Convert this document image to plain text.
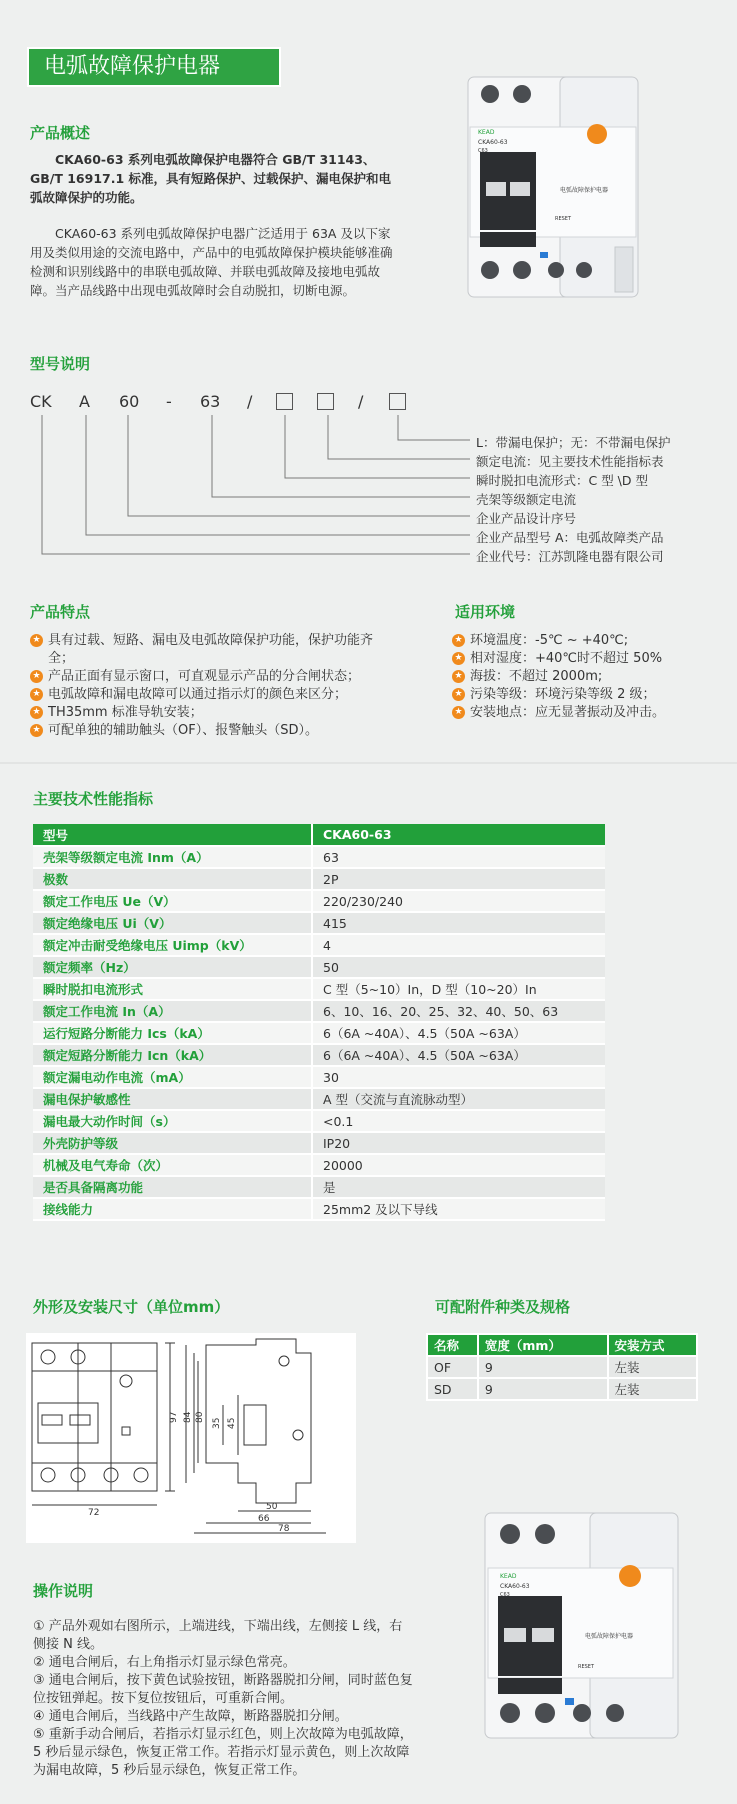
电弧故障保护电器
产品概述
CKA60-63 系列电弧故障保护电器符合 GB/T 31143、GB/T 16917.1 标准，具有短路保护、过载保护、漏电保护和电弧故障保护的功能。
CKA60-63 系列电弧故障保护电器广泛适用于 63A 及以下家用及类似用途的交流电路中，产品中的电弧故障保护模块能够准确检测和识别线路中的串联电弧故障、并联电弧故障及接地电弧故障。当产品线路中出现电弧故障时会自动脱扣，切断电源。
KEAD
CKA60-63
C63
电弧故障保护电器
RESET
型号说明
CK A 60 - 63 /	/
L：带漏电保护；无：不带漏电保护
额定电流：见主要技术性能指标表
瞬时脱扣电流形式：C 型 \D 型
壳架等级额定电流
企业产品设计序号
企业产品型号 A：电弧故障类产品
企业代号：江苏凯隆电器有限公司
产品特点
★ 具有过载、短路、漏电及电弧故障保护功能，保护功能齐全；
★ 产品正面有显示窗口，可直观显示产品的分合闸状态；
★ 电弧故障和漏电故障可以通过指示灯的颜色来区分；
★ TH35mm 标准导轨安装；
★ 可配单独的辅助触头（OF）、报警触头（SD）。
适用环境
★ 环境温度：-5℃ ~ +40℃;
★ 相对湿度：+40℃时不超过 50%
★ 海拔：不超过 2000m;
★ 污染等级：环境污染等级 2 级；
★ 安装地点：应无显著振动及冲击。
主要技术性能指标
型号	CKA60-63
壳架等级额定电流 Inm（A）	63
极数	2P
额定工作电压 Ue（V）	220/230/240
额定绝缘电压 Ui（V）	415
额定冲击耐受绝缘电压 Uimp（kV）	4
额定频率（Hz）	50
瞬时脱扣电流形式	C 型（5~10）In，D 型（10~20）In
额定工作电流 In（A）	6、10、16、20、25、32、40、50、63
运行短路分断能力 Ics（kA）	6（6A ~40A）、4.5（50A ~63A）
额定短路分断能力 Icn（kA）	6（6A ~40A）、4.5（50A ~63A）
额定漏电动作电流（mA）	30
漏电保护敏感性	A 型（交流与直流脉动型）
漏电最大动作时间（s）	<0.1
外壳防护等级	IP20
机械及电气寿命（次）	20000
是否具备隔离功能	是
接线能力	25mm2 及以下导线
外形及安装尺寸（单位mm）
97 84 80
35 45
72
50
66
78
可配附件种类及规格
名称	宽度（mm）	安装方式
OF	9	左装
SD	9	左装
KEAD
CKA60-63
C63
电弧故障保护电器
RESET
操作说明
① 产品外观如右图所示，上端进线，下端出线，左侧接 L 线，右侧接 N 线。
② 通电合闸后，右上角指示灯显示绿色常亮。
③ 通电合闸后，按下黄色试验按钮，断路器脱扣分闸，同时蓝色复位按钮弹起。按下复位按钮后，可重新合闸。
④ 通电合闸后，当线路中产生故障，断路器脱扣分闸。
⑤ 重新手动合闸后，若指示灯显示红色，则上次故障为电弧故障，5 秒后显示绿色，恢复正常工作。若指示灯显示黄色，则上次故障为漏电故障，5 秒后显示绿色，恢复正常工作。
